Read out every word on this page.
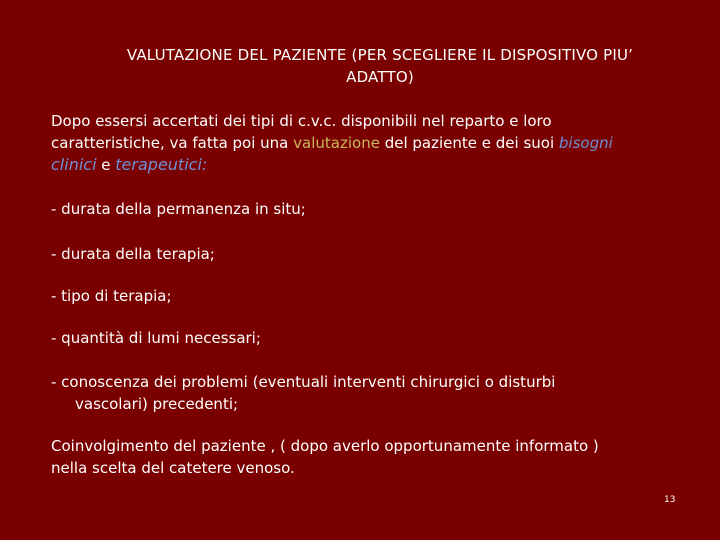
VALUTAZIONE DEL PAZIENTE (PER SCEGLIERE IL DISPOSITIVO PIU’
ADATTO)
Dopo essersi accertati dei tipi di c.v.c. disponibili nel reparto e loro
caratteristiche, va fatta poi una valutazione del paziente e dei suoi bisogni
clinici e terapeutici:
- durata della permanenza in situ;
- durata della terapia;
- tipo di terapia;
- quantità di lumi necessari;
- conoscenza dei problemi (eventuali interventi chirurgici o disturbi
vascolari) precedenti;
Coinvolgimento del paziente , ( dopo averlo opportunamente informato )
nella scelta del catetere venoso.
13
